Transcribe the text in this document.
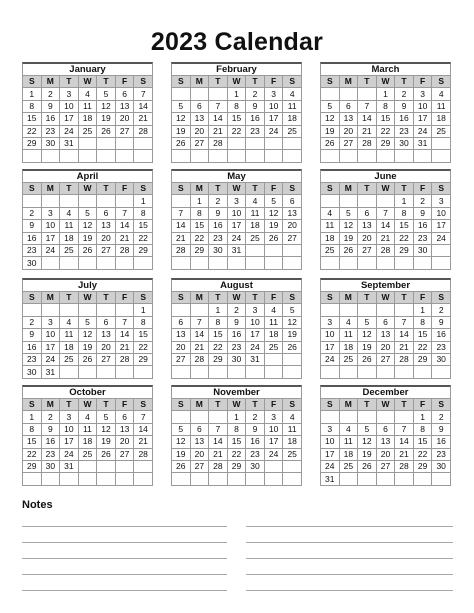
2023 Calendar
January
S	M	T	W	T	F	S
1	2	3	4	5	6	7
8	9	10	11	12	13	14
15	16	17	18	19	20	21
22	23	24	25	26	27	28
29	30	31				

February
S	M	T	W	T	F	S
			1	2	3	4
5	6	7	8	9	10	11
12	13	14	15	16	17	18
19	20	21	22	23	24	25
26	27	28				

March
S	M	T	W	T	F	S
			1	2	3	4
5	6	7	8	9	10	11
12	13	14	15	16	17	18
19	20	21	22	23	24	25
26	27	28	29	30	31	

April
S	M	T	W	T	F	S
						1
2	3	4	5	6	7	8
9	10	11	12	13	14	15
16	17	18	19	20	21	22
23	24	25	26	27	28	29
30						
May
S	M	T	W	T	F	S
	1	2	3	4	5	6
7	8	9	10	11	12	13
14	15	16	17	18	19	20
21	22	23	24	25	26	27
28	29	30	31			

June
S	M	T	W	T	F	S
				1	2	3
4	5	6	7	8	9	10
11	12	13	14	15	16	17
18	19	20	21	22	23	24
25	26	27	28	29	30	

July
S	M	T	W	T	F	S
						1
2	3	4	5	6	7	8
9	10	11	12	13	14	15
16	17	18	19	20	21	22
23	24	25	26	27	28	29
30	31					
August
S	M	T	W	T	F	S
		1	2	3	4	5
6	7	8	9	10	11	12
13	14	15	16	17	18	19
20	21	22	23	24	25	26
27	28	29	30	31		

September
S	M	T	W	T	F	S
					1	2
3	4	5	6	7	8	9
10	11	12	13	14	15	16
17	18	19	20	21	22	23
24	25	26	27	28	29	30

October
S	M	T	W	T	F	S
1	2	3	4	5	6	7
8	9	10	11	12	13	14
15	16	17	18	19	20	21
22	23	24	25	26	27	28
29	30	31				

November
S	M	T	W	T	F	S
			1	2	3	4
5	6	7	8	9	10	11
12	13	14	15	16	17	18
19	20	21	22	23	24	25
26	27	28	29	30		

December
S	M	T	W	T	F	S
					1	2
3	4	5	6	7	8	9
10	11	12	13	14	15	16
17	18	19	20	21	22	23
24	25	26	27	28	29	30
31						
Notes
